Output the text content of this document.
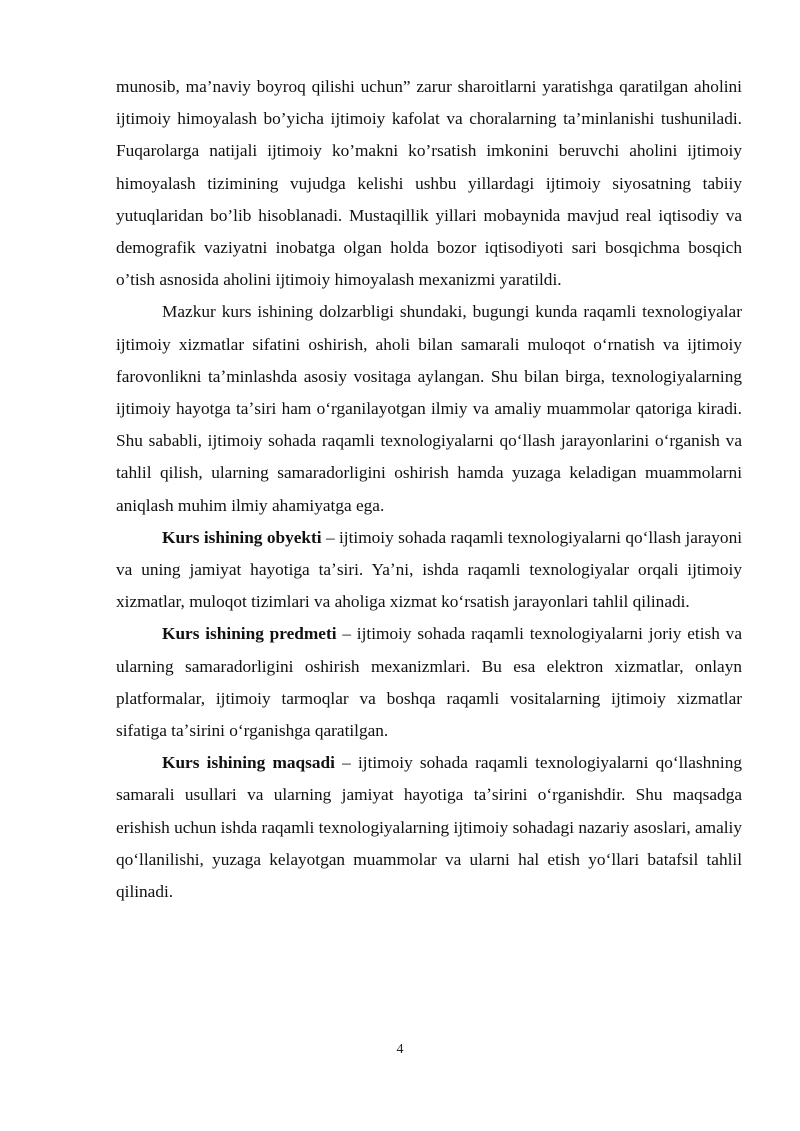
munosib, ma’naviy boyroq qilishi uchun” zarur sharoitlarni yaratishga qaratilgan aholini ijtimoiy himoyalash bo’yicha ijtimoiy kafolat va choralarning ta’minlanishi tushuniladi. Fuqarolarga natijali ijtimoiy ko’makni ko’rsatish imkonini beruvchi aholini ijtimoiy himoyalash tizimining vujudga kelishi ushbu yillardagi ijtimoiy siyosatning tabiiy yutuqlaridan bo’lib hisoblanadi. Mustaqillik yillari mobaynida mavjud real iqtisodiy va demografik vaziyatni inobatga olgan holda bozor iqtisodiyoti sari bosqichma bosqich o’tish asnosida aholini ijtimoiy himoyalash mexanizmi yaratildi.

Mazkur kurs ishining dolzarbligi shundaki, bugungi kunda raqamli texnologiyalar ijtimoiy xizmatlar sifatini oshirish, aholi bilan samarali muloqot oʻrnatish va ijtimoiy farovonlikni taʼminlashda asosiy vositaga aylangan. Shu bilan birga, texnologiyalarning ijtimoiy hayotga taʼsiri ham oʻrganilayotgan ilmiy va amaliy muammolar qatoriga kiradi. Shu sababli, ijtimoiy sohada raqamli texnologiyalarni qoʻllash jarayonlarini oʻrganish va tahlil qilish, ularning samaradorligini oshirish hamda yuzaga keladigan muammolarni aniqlash muhim ilmiy ahamiyatga ega.

Kurs ishining obyekti – ijtimoiy sohada raqamli texnologiyalarni qoʻllash jarayoni va uning jamiyat hayotiga taʼsiri. Yaʼni, ishda raqamli texnologiyalar orqali ijtimoiy xizmatlar, muloqot tizimlari va aholiga xizmat koʻrsatish jarayonlari tahlil qilinadi.

Kurs ishining predmeti – ijtimoiy sohada raqamli texnologiyalarni joriy etish va ularning samaradorligini oshirish mexanizmlari. Bu esa elektron xizmatlar, onlayn platformalar, ijtimoiy tarmoqlar va boshqa raqamli vositalarning ijtimoiy xizmatlar sifatiga taʼsirini oʻrganishga qaratilgan.

Kurs ishining maqsadi – ijtimoiy sohada raqamli texnologiyalarni qoʻllashning samarali usullari va ularning jamiyat hayotiga taʼsirini oʻrganishdir. Shu maqsadga erishish uchun ishda raqamli texnologiyalarning ijtimoiy sohadagi nazariy asoslari, amaliy qoʻllanilishi, yuzaga kelayotgan muammolar va ularni hal etish yoʻllari batafsil tahlil qilinadi.

4
